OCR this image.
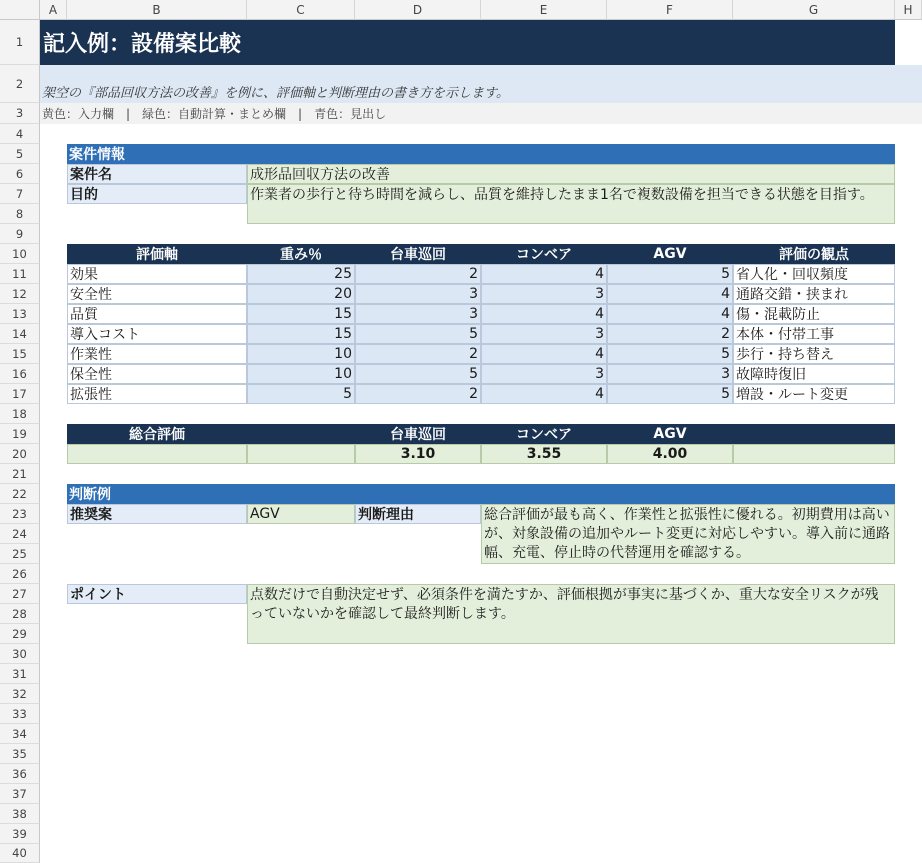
A	B	C	D	E	F	G	H
1
2
3
4
5
6
7
8
9
10
11
12
13
14
15
16
17
18
19
20
21
22
23
24
25
26
27
28
29
30
31
32
33
34
35
36
37
38
39
40
記入例：設備案比較
架空の『部品回収方法の改善』を例に、評価軸と判断理由の書き方を示します。
黄色：入力欄　|　緑色：自動計算・まとめ欄　|　青色：見出し
案件情報
案件名	成形品回収方法の改善
目的	作業者の歩行と待ち時間を減らし、品質を維持したまま1名で複数設備を担当できる状態を目指す。
評価軸	重み％	台車巡回	コンベア	AGV	評価の観点
効果	25	2	4	5 省人化・回収頻度
安全性	20	3	3	4 通路交錯・挟まれ
品質	15	3	4	4 傷・混載防止
導入コスト	15	5	3	2 本体・付帯工事
作業性	10	2	4	5 歩行・持ち替え
保全性	10	5	3	3 故障時復旧
拡張性	5	2	4	5 増設・ルート変更
総合評価	台車巡回	コンベア	AGV
3.10	3.55	4.00
判断例
推奨案	AGV	判断理由	総合評価が最も高く、作業性と拡張性に優れる。初期費用は高いが、対象設備の追加やルート変更に対応しやすい。導入前に通路幅、充電、停止時の代替運用を確認する。
ポイント	点数だけで自動決定せず、必須条件を満たすか、評価根拠が事実に基づくか、重大な安全リスクが残っていないかを確認して最終判断します。
